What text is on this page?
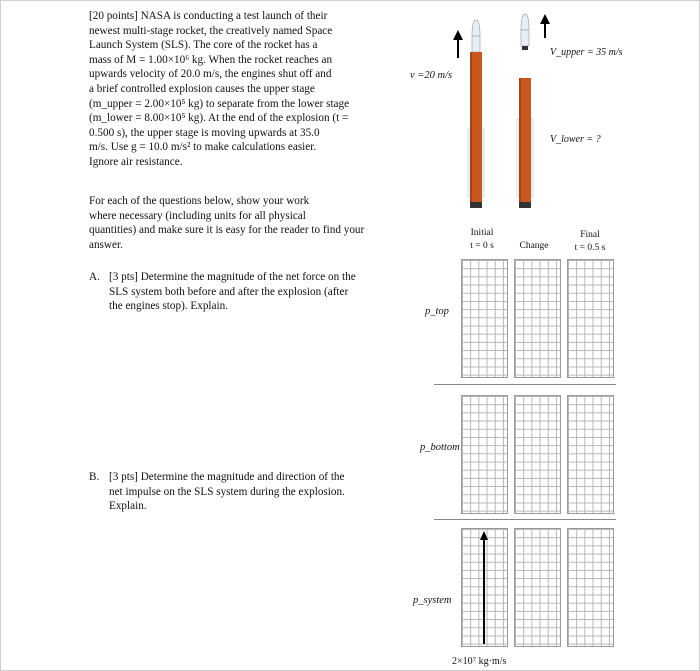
[20 points] NASA is conducting a test launch of their
newest multi-stage rocket, the creatively named Space
Launch System (SLS). The core of the rocket has a
mass of M = 1.00×10⁶ kg. When the rocket reaches an
upwards velocity of 20.0 m/s, the engines shut off and
a brief controlled explosion causes the upper stage
(m_upper = 2.00×10⁵ kg) to separate from the lower stage
(m_lower = 8.00×10⁵ kg). At the end of the explosion (t =
0.500 s), the upper stage is moving upwards at 35.0
m/s. Use g = 10.0 m/s² to make calculations easier.
Ignore air resistance.
For each of the questions below, show your work
where necessary (including units for all physical
quantities) and make sure it is easy for the reader to find your
answer.
A. [3 pts] Determine the magnitude of the net force on the
SLS system both before and after the explosion (after
the engines stop). Explain.
B. [3 pts] Determine the magnitude and direction of the
net impulse on the SLS system during the explosion.
Explain.
v =20 m/s
V_upper = 35 m/s
V_lower = ?
Initial
t = 0 s	Change
Final
t = 0.5 s
p_top
p_bottom
p_system
2×10⁷ kg·m/s
